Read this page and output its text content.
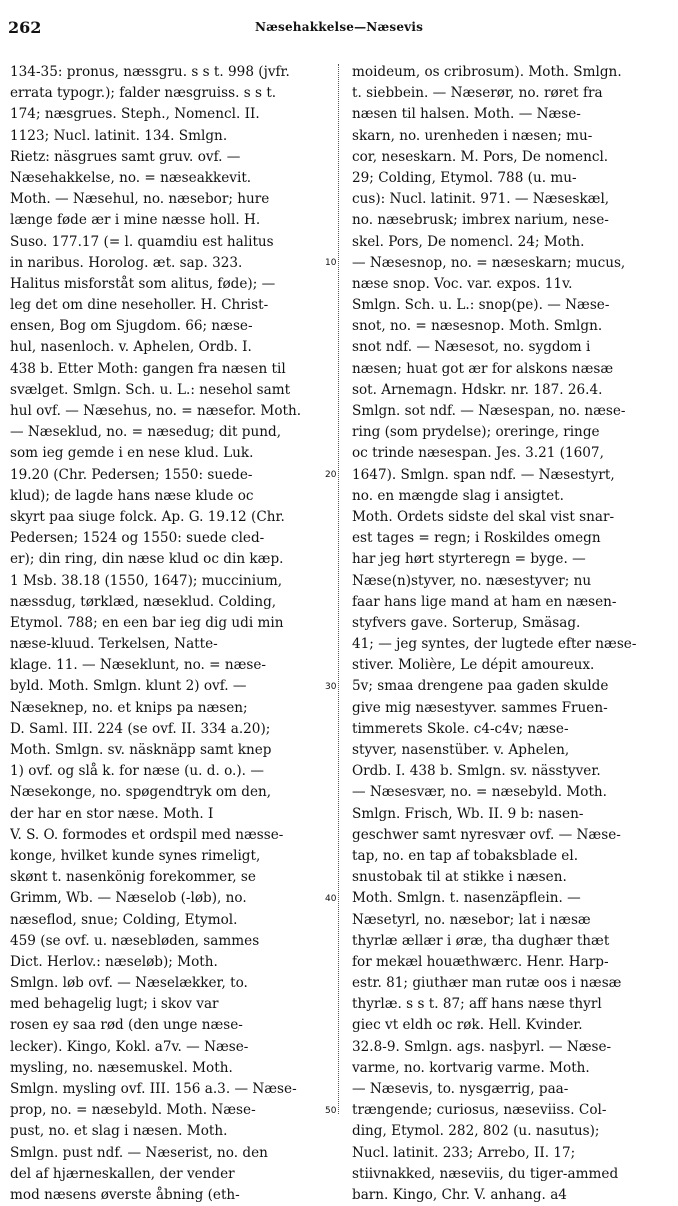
262	Næsehakkelse—Næsevis
134-35: pronus, næssgru. s s t. 998 (jvfr.
errata typogr.); falder næsgruiss. s s t.
174; næsgrues. Steph., Nomencl. II.
1123; Nucl. latinit. 134. Smlgn.
Rietz: näsgrues samt gruv. ovf. —
Næsehakkelse, no. = næseakkevit.
Moth. — Næsehul, no. næsebor; hure
længe føde ær i mine næsse holl. H.
Suso. 177.17 (= l. quamdiu est halitus
in naribus. Horolog. æt. sap. 323.
Halitus misforståt som alitus, føde); —
leg det om dine neseholler. H. Christ-
ensen, Bog om Sjugdom. 66; næse-
hul, nasenloch. v. Aphelen, Ordb. I.
438 b. Etter Moth: gangen fra næsen til
svælget. Smlgn. Sch. u. L.: nesehol samt
hul ovf. — Næsehus, no. = næsefor. Moth.
— Næseklud, no. = næsedug; dit pund,
som ieg gemde i en nese klud. Luk.
19.20 (Chr. Pedersen; 1550: suede-
klud); de lagde hans næse klude oc
skyrt paa siuge folck. Ap. G. 19.12 (Chr.
Pedersen; 1524 og 1550: suede cled-
er); din ring, din næse klud oc din kæp.
1 Msb. 38.18 (1550, 1647); muccinium,
næssdug, tørklæd, næseklud. Colding,
Etymol. 788; en een bar ieg dig udi min
næse-kluud. Terkelsen, Natte-
klage. 11. — Næseklunt, no. = næse-
byld. Moth. Smlgn. klunt 2) ovf. —
Næseknep, no. et knips pa næsen;
D. Saml. III. 224 (se ovf. II. 334 a.20);
Moth. Smlgn. sv. näsknäpp samt knep
1) ovf. og slå k. for næse (u. d. o.). —
Næsekonge, no. spøgendtryk om den,
der har en stor næse. Moth. I
V. S. O. formodes et ordspil med næsse-
konge, hvilket kunde synes rimeligt,
skønt t. nasenkönig forekommer, se
Grimm, Wb. — Næselob (-løb), no.
næseflod, snue; Colding, Etymol.
459 (se ovf. u. næsebløden, sammes
Dict. Herlov.: næseløb); Moth.
Smlgn. løb ovf. — Næselækker, to.
med behagelig lugt; i skov var
rosen ey saa rød (den unge næse-
lecker). Kingo, Kokl. a7v. — Næse-
mysling, no. næsemuskel. Moth.
Smlgn. mysling ovf. III. 156 a.3. — Næse-
prop, no. = næsebyld. Moth. Næse-
pust, no. et slag i næsen. Moth.
Smlgn. pust ndf. — Næserist, no. den
del af hjærneskallen, der vender
mod næsens øverste åbning (eth-
moideum, os cribrosum). Moth. Smlgn.
t. siebbein. — Næserør, no. røret fra
næsen til halsen. Moth. — Næse-
skarn, no. urenheden i næsen; mu-
cor, neseskarn. M. Pors, De nomencl.
29; Colding, Etymol. 788 (u. mu-
cus): Nucl. latinit. 971. — Næseskæl,
no. næsebrusk; imbrex narium, nese-
skel. Pors, De nomencl. 24; Moth.
— Næsesnop, no. = næseskarn; mucus,
næse snop. Voc. var. expos. 11v.
Smlgn. Sch. u. L.: snop(pe). — Næse-
snot, no. = næsesnop. Moth. Smlgn.
snot ndf. — Næsesot, no. sygdom i
næsen; huat got ær for alskons næsæ
sot. Arnemagn. Hdskr. nr. 187. 26.4.
Smlgn. sot ndf. — Næsespan, no. næse-
ring (som prydelse); oreringe, ringe
oc trinde næsespan. Jes. 3.21 (1607,
1647). Smlgn. span ndf. — Næsestyrt,
no. en mængde slag i ansigtet.
Moth. Ordets sidste del skal vist snar-
est tages = regn; i Roskildes omegn
har jeg hørt styrteregn = byge. —
Næse(n)styver, no. næsestyver; nu
faar hans lige mand at ham en næsen-
styfvers gave. Sorterup, Smäsag.
41; — jeg syntes, der lugtede efter næse-
stiver. Molière, Le dépit amoureux.
5v; smaa drengene paa gaden skulde
give mig næsestyver. sammes Fruen-
timmerets Skole. c4-c4v; næse-
styver, nasenstüber. v. Aphelen,
Ordb. I. 438 b. Smlgn. sv. nässtyver.
— Næsesvær, no. = næsebyld. Moth.
Smlgn. Frisch, Wb. II. 9 b: nasen-
geschwer samt nyresvær ovf. — Næse-
tap, no. en tap af tobaksblade el.
snustobak til at stikke i næsen.
Moth. Smlgn. t. nasenzäpflein. —
Næsetyrl, no. næsebor; lat i næsæ
thyrlæ ællær i øræ, tha dughær thæt
for mekæl houæthwærc. Henr. Harp-
estr. 81; giuthær man rutæ oos i næsæ
thyrlæ. s s t. 87; aff hans næse thyrl
giec vt eldh oc røk. Hell. Kvinder.
32.8-9. Smlgn. ags. nasþyrl. — Næse-
varme, no. kortvarig varme. Moth.
— Næsevis, to. nysgærrig, paa-
trængende; curiosus, næseviiss. Col-
ding, Etymol. 282, 802 (u. nasutus);
Nucl. latinit. 233; Arrebo, II. 17;
stiivnakked, næseviis, du tiger-ammed
barn. Kingo, Chr. V. anhang. a4
10
20
30
40
50
